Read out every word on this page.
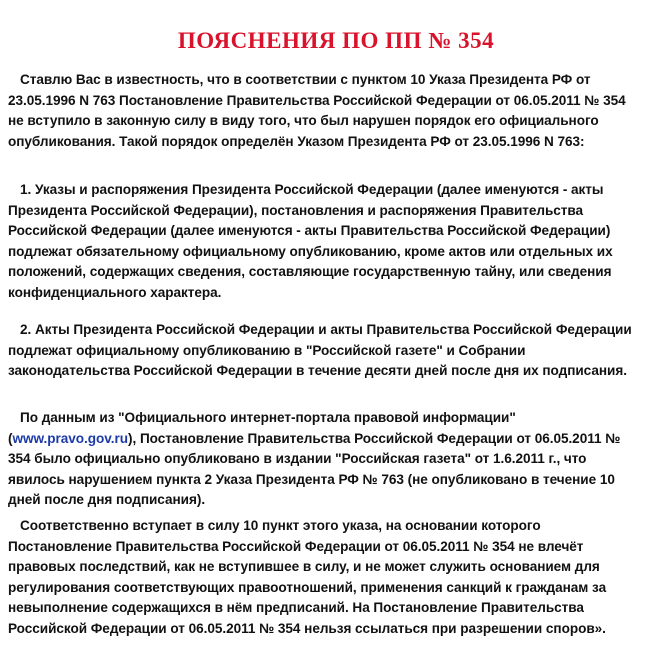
ПОЯСНЕНИЯ ПО ПП № 354
Ставлю Вас в известность, что в соответствии с пунктом 10 Указа Президента РФ от
23.05.1996 N 763 Постановление Правительства Российской Федерации от 06.05.2011 № 354
не вступило в законную силу в виду того, что был нарушен порядок его официального
опубликования. Такой порядок определён Указом Президента РФ от 23.05.1996 N 763:
1. Указы и распоряжения Президента Российской Федерации (далее именуются - акты
Президента Российской Федерации), постановления и распоряжения Правительства
Российской Федерации (далее именуются - акты Правительства Российской Федерации)
подлежат обязательному официальному опубликованию, кроме актов или отдельных их
положений, содержащих сведения, составляющие государственную тайну, или сведения
конфиденциального характера.
2. Акты Президента Российской Федерации и акты Правительства Российской Федерации
подлежат официальному опубликованию в "Российской газете" и Собрании
законодательства Российской Федерации в течение десяти дней после дня их подписания.
По данным из "Официального интернет-портала правовой информации"
(www.pravo.gov.ru), Постановление Правительства Российской Федерации от 06.05.2011 №
354 было официально опубликовано в издании "Российская газета" от 1.6.2011 г., что
явилось нарушением пункта 2 Указа Президента РФ № 763 (не опубликовано в течение 10
дней после дня подписания).
Соответственно вступает в силу 10 пункт этого указа, на основании которого
Постановление Правительства Российской Федерации от 06.05.2011 № 354 не влечёт
правовых последствий, как не вступившее в силу, и не может служить основанием для
регулирования соответствующих правоотношений, применения санкций к гражданам за
невыполнение содержащихся в нём предписаний. На Постановление Правительства
Российской Федерации от 06.05.2011 № 354 нельзя ссылаться при разрешении споров».
